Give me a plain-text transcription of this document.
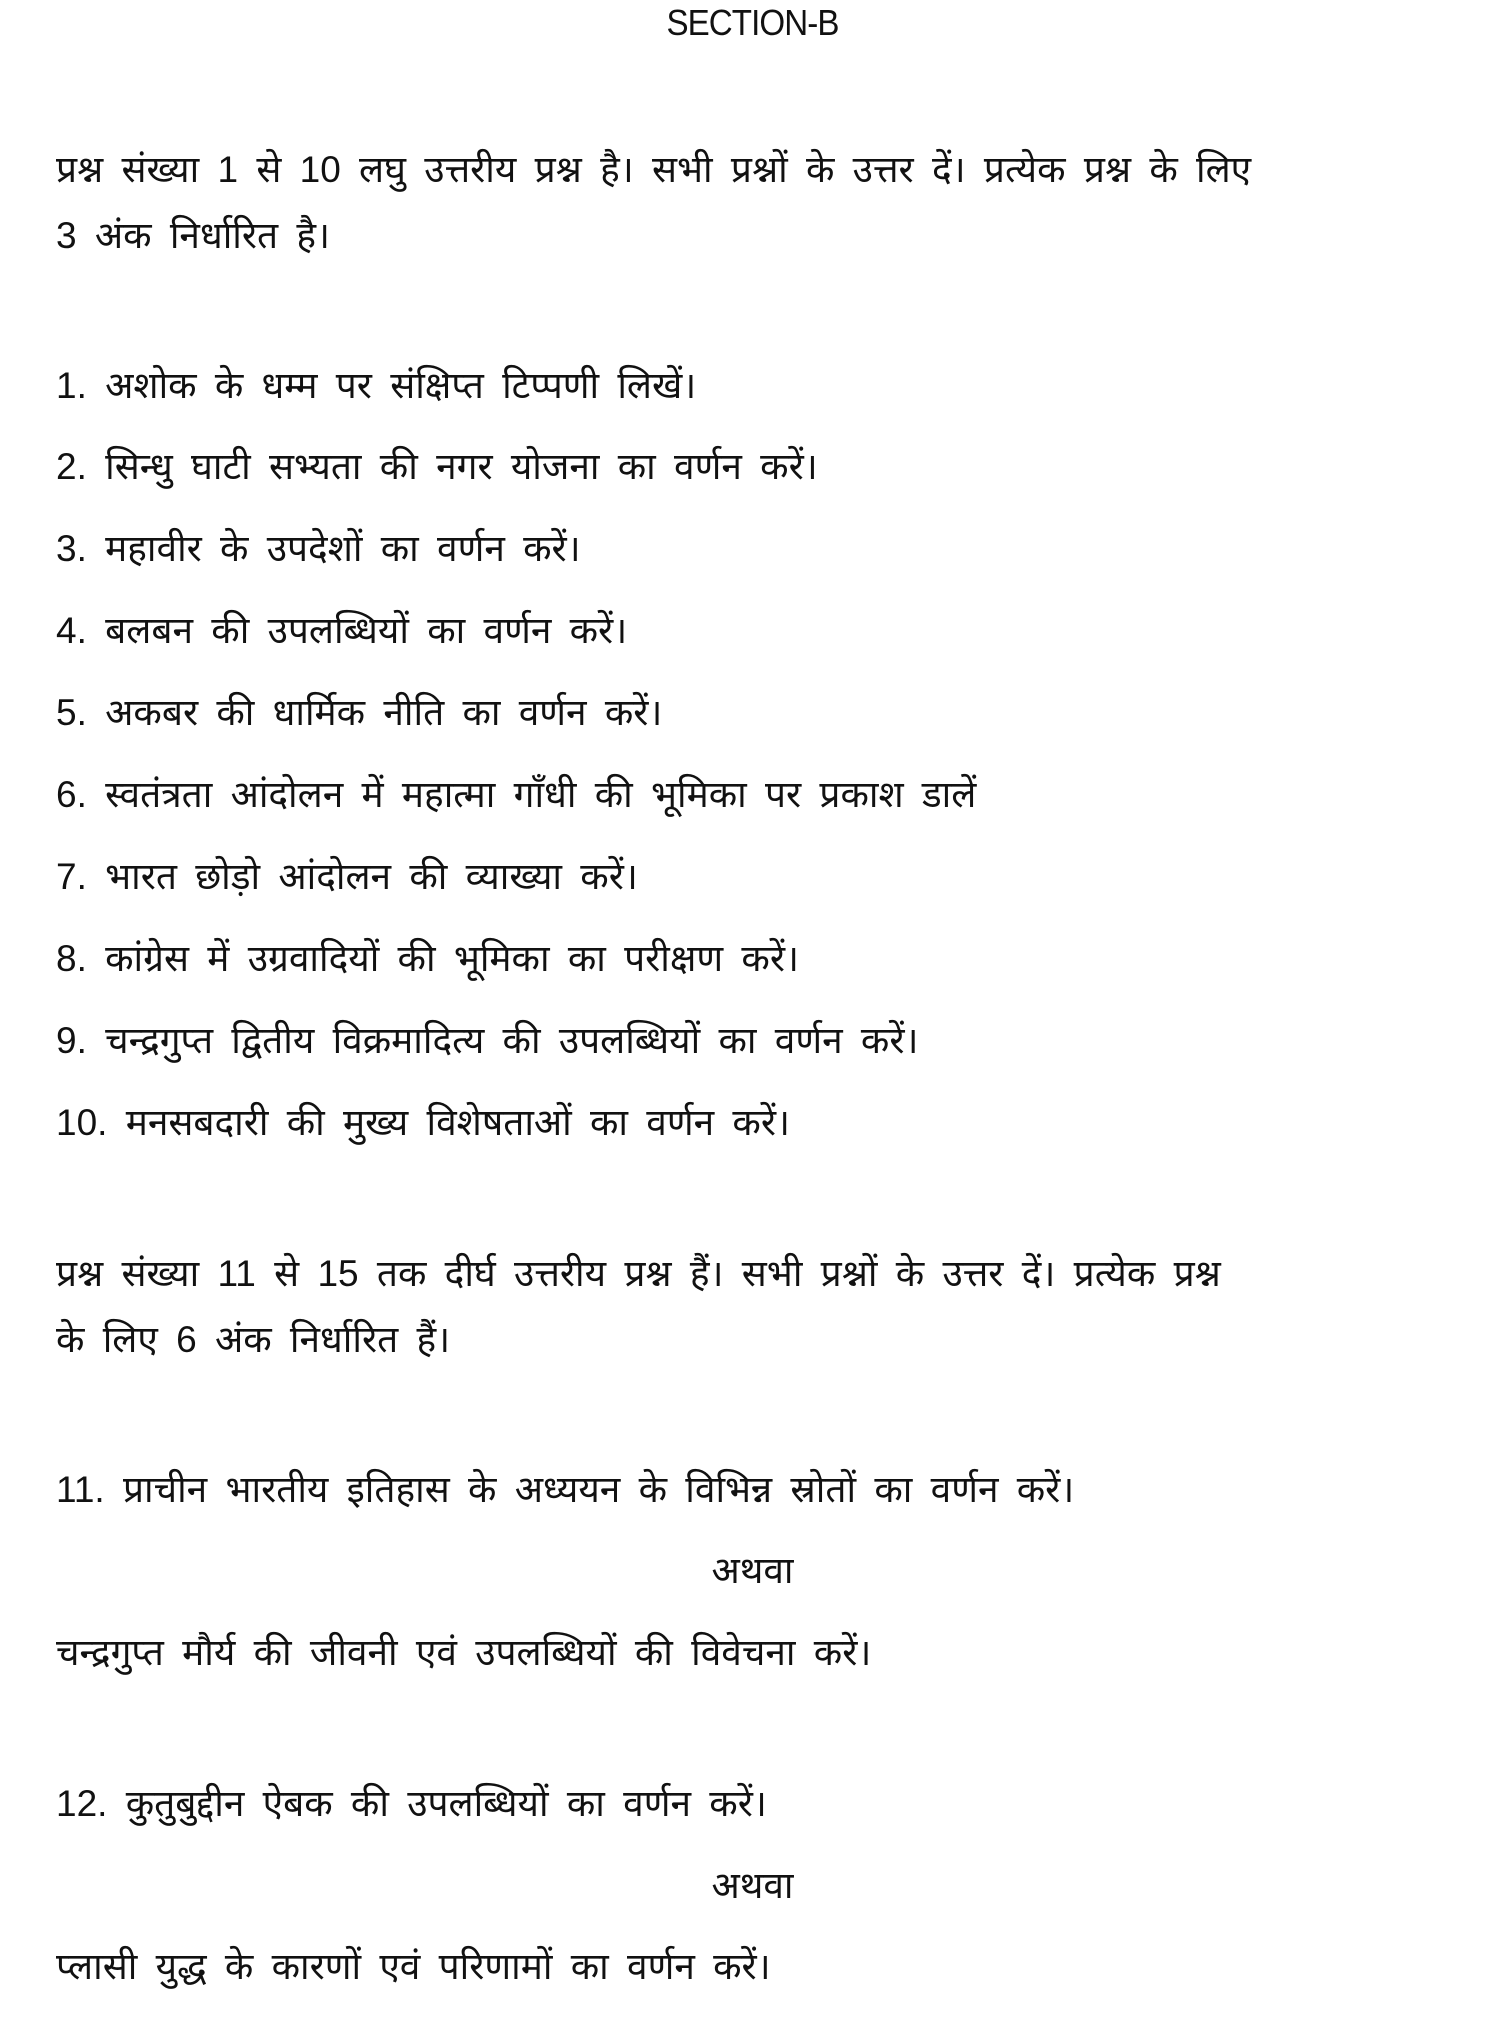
SECTION-B
प्रश्न संख्या 1 से 10 लघु उत्तरीय प्रश्न है। सभी प्रश्नों के उत्तर दें। प्रत्येक प्रश्न के लिए
3 अंक निर्धारित है।
1. अशोक के धम्म पर संक्षिप्त टिप्पणी लिखें।
2. सिन्धु घाटी सभ्यता की नगर योजना का वर्णन करें।
3. महावीर के उपदेशों का वर्णन करें।
4. बलबन की उपलब्धियों का वर्णन करें।
5. अकबर की धार्मिक नीति का वर्णन करें।
6. स्वतंत्रता आंदोलन में महात्मा गाँधी की भूमिका पर प्रकाश डालें
7. भारत छोड़ो आंदोलन की व्याख्या करें।
8. कांग्रेस में उग्रवादियों की भूमिका का परीक्षण करें।
9. चन्द्रगुप्त द्वितीय विक्रमादित्य की उपलब्धियों का वर्णन करें।
10. मनसबदारी की मुख्य विशेषताओं का वर्णन करें।
प्रश्न संख्या 11 से 15 तक दीर्घ उत्तरीय प्रश्न हैं। सभी प्रश्नों के उत्तर दें। प्रत्येक प्रश्न
के लिए 6 अंक निर्धारित हैं।
11. प्राचीन भारतीय इतिहास के अध्ययन के विभिन्न स्रोतों का वर्णन करें।
अथवा
चन्द्रगुप्त मौर्य की जीवनी एवं उपलब्धियों की विवेचना करें।
12. कुतुबुद्दीन ऐबक की उपलब्धियों का वर्णन करें।
अथवा
प्लासी युद्ध के कारणों एवं परिणामों का वर्णन करें।
